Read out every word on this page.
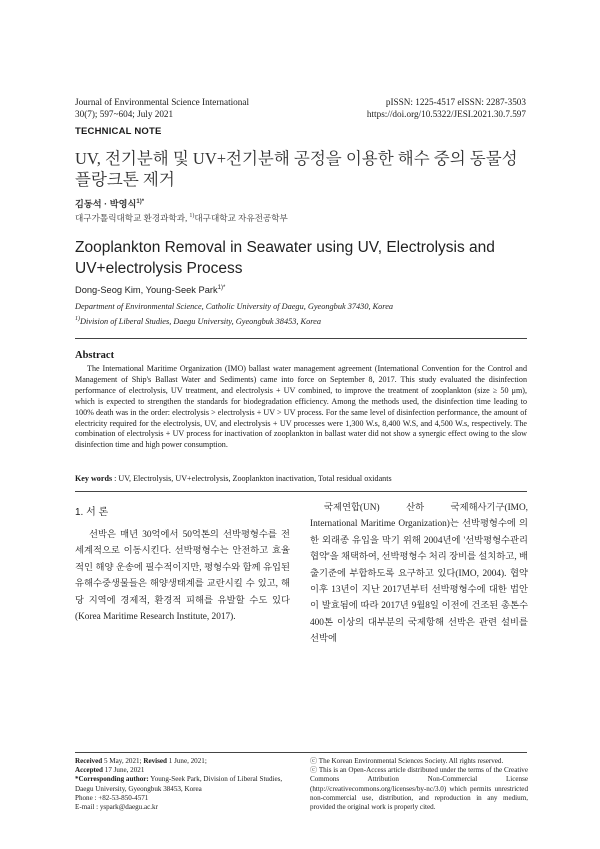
Journal of Environmental Science International
30(7); 597~604; July 2021
pISSN: 1225-4517 eISSN: 2287-3503
https://doi.org/10.5322/JESI.2021.30.7.597
TECHNICAL NOTE
UV, 전기분해 및 UV+전기분해 공정을 이용한 해수 중의 동물성 플랑크톤 제거
김동석 · 박영식$^{1)*}$
대구가톨릭대학교 환경과학과, $^{1)}$대구대학교 자유전공학부
Zooplankton Removal in Seawater using UV, Electrolysis and UV+electrolysis Process
Dong-Seog Kim, Young-Seek Park$^{1)*}$
Department of Environmental Science, Catholic University of Daegu, Gyeongbuk 37430, Korea
$^{1)}$Division of Liberal Studies, Daegu University, Gyeongbuk 38453, Korea
Abstract
The International Maritime Organization (IMO) ballast water management agreement (International Convention for the Control and Management of Ship's Ballast Water and Sediments) came into force on September 8, 2017. This study evaluated the disinfection performance of electrolysis, UV treatment, and electrolysis + UV combined, to improve the treatment of zooplankton (size ≥ 50 μm), which is expected to strengthen the standards for biodegradation efficiency. Among the methods used, the disinfection time leading to 100% death was in the order: electrolysis > electrolysis + UV > UV process. For the same level of disinfection performance, the amount of electricity required for the electrolysis, UV, and electrolysis + UV processes were 1,300 W.s, 8,400 W.S, and 4,500 W.s, respectively. The combination of electrolysis + UV process for inactivation of zooplankton in ballast water did not show a synergic effect owing to the slow disinfection time and high power consumption.
Key words : UV, Electrolysis, UV+electrolysis, Zooplankton inactivation, Total residual oxidants
1. 서 론
선박은 매년 30억에서 50억톤의 선박평형수를 전 세계적으로 이동시킨다. 선박평형수는 안전하고 효율적인 해양 운송에 필수적이지만, 평형수와 함께 유입된 유해수중생물들은 해양생태계를 교란시킬 수 있고, 해당 지역에 경제적, 환경적 피해를 유발할 수도 있다(Korea Maritime Research Institute, 2017).
국제연합(UN) 산하 국제해사기구(IMO, International Maritime Organization)는 선박평형수에 의한 외래종 유입을 막기 위해 2004년에 '선박평형수관리협약'을 채택하여, 선박평형수 처리 장비를 설치하고, 배출기준에 부합하도록 요구하고 있다(IMO, 2004). 협약이후 13년이 지난 2017년부터 선박평형수에 대한 법안이 발효됨에 따라 2017년 9월8일 이전에 건조된 총톤수 400톤 이상의 대부분의 국제항해 선박은 관련 설비를 선박에
Received 5 May, 2021; Revised 1 June, 2021;
Accepted 17 June, 2021
*Corresponding author: Young-Seek Park, Division of Liberal Studies, Daegu University, Gyeongbuk 38453, Korea
Phone : +82-53-850-4571
E-mail : yspark@daegu.ac.kr
ⓒ The Korean Environmental Sciences Society. All rights reserved.
ⓒ This is an Open-Access article distributed under the terms of the Creative Commons Attribution Non-Commercial License (http://creativecommons.org/licenses/by-nc/3.0) which permits unrestricted non-commercial use, distribution, and reproduction in any medium, provided the original work is properly cited.
